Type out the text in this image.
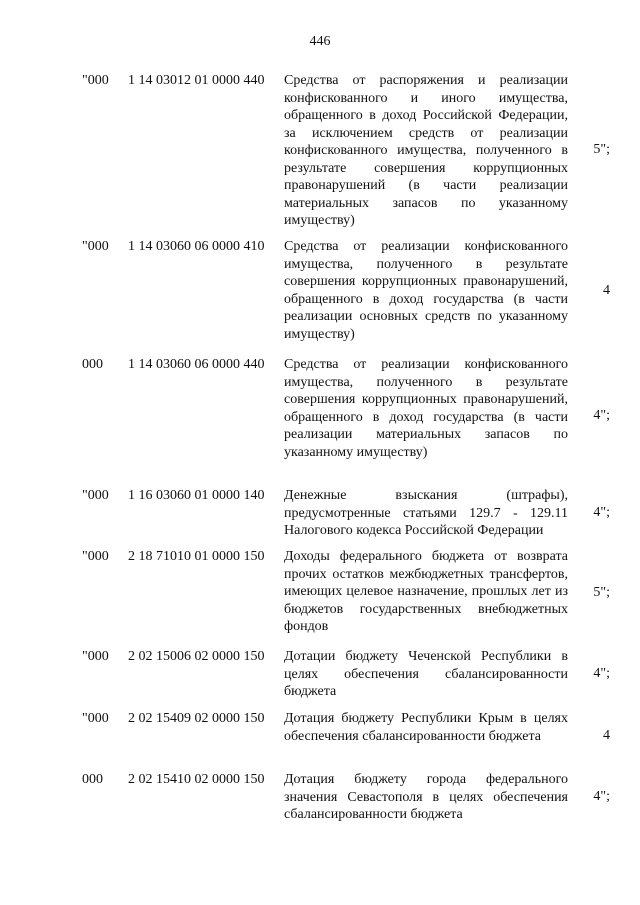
446
"000 1 14 03012 01 0000 440 Средства от распоряжения и реализации конфискованного и иного имущества, обращенного в доход Российской Федерации, за исключением средств от реализации конфискованного имущества, полученного в результате совершения коррупционных правонарушений (в части реализации материальных запасов по указанному имуществу)
5";
"000 1 14 03060 06 0000 410 Средства от реализации конфискованного имущества, полученного в результате совершения коррупционных правонарушений, обращенного в доход государства (в части реализации основных средств по указанному имуществу)
4
000 1 14 03060 06 0000 440 Средства от реализации конфискованного имущества, полученного в результате совершения коррупционных правонарушений, обращенного в доход государства (в части реализации материальных запасов по указанному имуществу)
4";
"000 1 16 03060 01 0000 140 Денежные взыскания (штрафы), предусмотренные статьями 129.7 - 129.11 Налогового кодекса Российской Федерации
4";
"000 2 18 71010 01 0000 150 Доходы федерального бюджета от возврата прочих остатков межбюджетных трансфертов, имеющих целевое назначение, прошлых лет из бюджетов государственных внебюджетных фондов
5";
"000 2 02 15006 02 0000 150 Дотации бюджету Чеченской Республики в целях обеспечения сбалансированности бюджета
4";
"000 2 02 15409 02 0000 150 Дотация бюджету Республики Крым в целях обеспечения сбалансированности бюджета	4
000 2 02 15410 02 0000 150 Дотация бюджету города федерального значения Севастополя в целях обеспечения сбалансированности бюджета
4";
